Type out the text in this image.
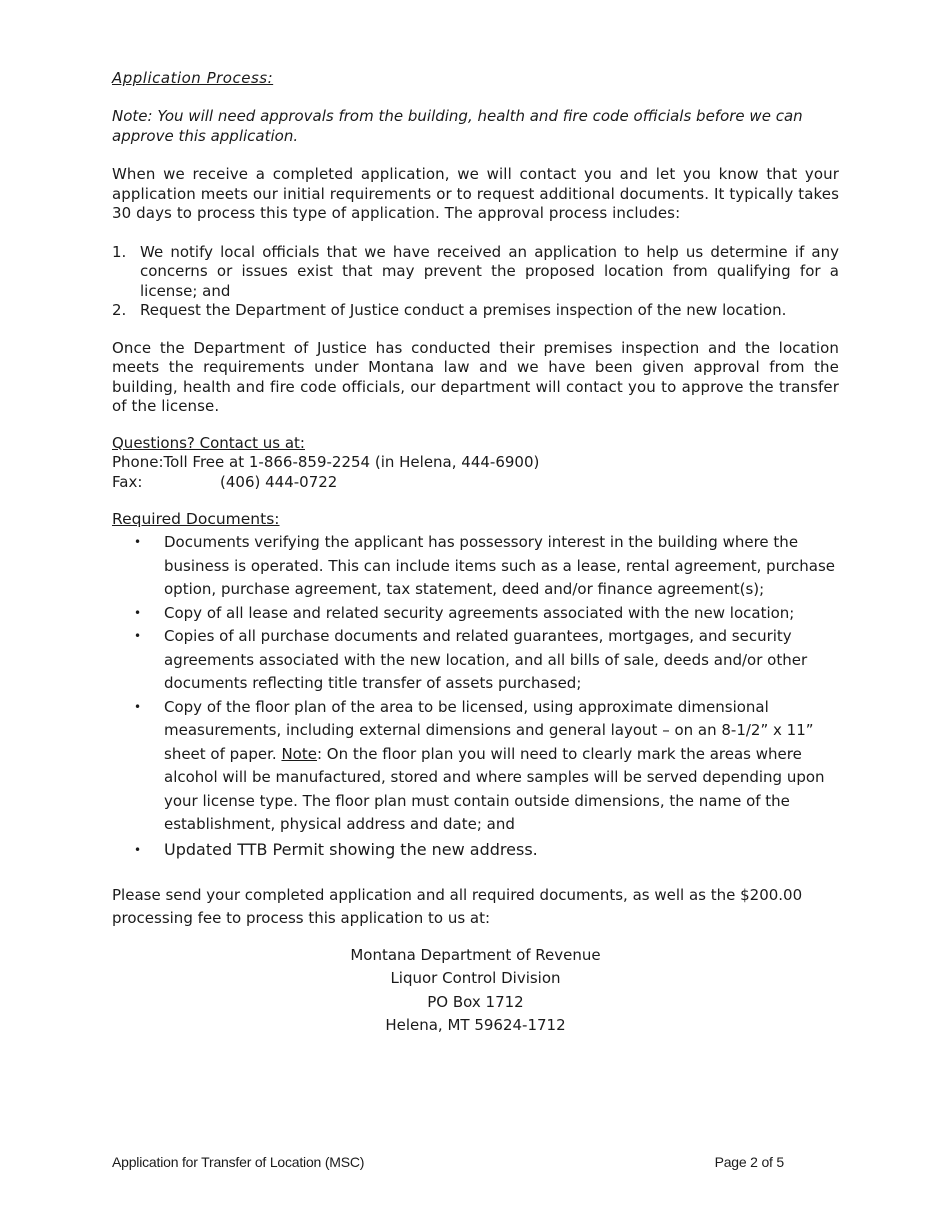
Application Process:

Note: You will need approvals from the building, health and fire code officials before we can approve this application.

When we receive a completed application, we will contact you and let you know that your application meets our initial requirements or to request additional documents. It typically takes 30 days to process this type of application. The approval process includes:

1. We notify local officials that we have received an application to help us determine if any concerns or issues exist that may prevent the proposed location from qualifying for a license; and
2. Request the Department of Justice conduct a premises inspection of the new location.

Once the Department of Justice has conducted their premises inspection and the location meets the requirements under Montana law and we have been given approval from the building, health and fire code officials, our department will contact you to approve the transfer of the license.

Questions? Contact us at:
Phone: Toll Free at 1-866-859-2254 (in Helena, 444-6900)
Fax:	(406) 444-0722
Required Documents:
• Documents verifying the applicant has possessory interest in the building where the business is operated. This can include items such as a lease, rental agreement, purchase option, purchase agreement, tax statement, deed and/or finance agreement(s);
• Copy of all lease and related security agreements associated with the new location;
• Copies of all purchase documents and related guarantees, mortgages, and security agreements associated with the new location, and all bills of sale, deeds and/or other documents reflecting title transfer of assets purchased;
• Copy of the floor plan of the area to be licensed, using approximate dimensional measurements, including external dimensions and general layout – on an 8-1/2” x 11” sheet of paper. Note: On the floor plan you will need to clearly mark the areas where alcohol will be manufactured, stored and where samples will be served depending upon your license type. The floor plan must contain outside dimensions, the name of the establishment, physical address and date; and
• Updated TTB Permit showing the new address.
Please send your completed application and all required documents, as well as the $200.00 processing fee to process this application to us at:
Montana Department of Revenue
Liquor Control Division
PO Box 1712
Helena, MT 59624-1712
Application for Transfer of Location (MSC)	Page 2 of 5
